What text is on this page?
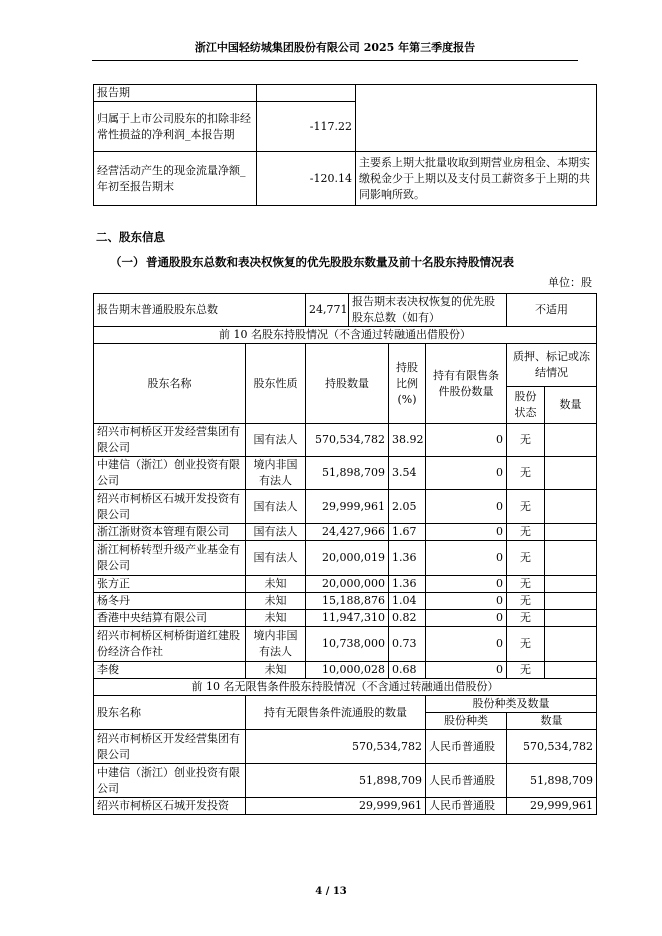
浙江中国轻纺城集团股份有限公司 2025 年第三季度报告
报告期		
归属于上市公司股东的扣除非经常性损益的净利润_本报告期	-117.22	
经营活动产生的现金流量净额_年初至报告期末	-120.14	主要系上期大批量收取到期营业房租金、本期实缴税金少于上期以及支付员工薪资多于上期的共同影响所致。
二、股东信息
（一） 普通股股东总数和表决权恢复的优先股股东数量及前十名股东持股情况表
单位：股
报告期末普通股股东总数		24,771	报告期末表决权恢复的优先股股东总数（如有）			不适用	
前 10 名股东持股情况（不含通过转融通出借股份）							
股东名称	股东性质	持股数量		持股比例(%)	持有有限售条件股份数量	质押、标记或冻结情况	
						股份状态	数量
绍兴市柯桥区开发经营集团有限公司	国有法人	570,534,782		38.92	0	无	
中建信（浙江）创业投资有限公司	境内非国有法人	51,898,709		3.54	0	无	
绍兴市柯桥区石城开发投资有限公司	国有法人	29,999,961		2.05	0	无	
浙江浙财资本管理有限公司	国有法人	24,427,966		1.67	0	无	
浙江柯桥转型升级产业基金有限公司	国有法人	20,000,019		1.36	0	无	
张方正	未知	20,000,000		1.36	0	无	
杨冬丹	未知	15,188,876		1.04	0	无	
香港中央结算有限公司	未知	11,947,310		0.82	0	无	
绍兴市柯桥区柯桥街道红建股份经济合作社	境内非国有法人	10,738,000		0.73	0	无	
李俊	未知	10,000,028		0.68	0	无	
前 10 名无限售条件股东持股情况（不含通过转融通出借股份）							
股东名称	持有无限售条件流通股的数量				股份种类及数量		
					股份种类	数量	
绍兴市柯桥区开发经营集团有限公司	570,534,782				人民币普通股	570,534,782	
中建信（浙江）创业投资有限公司	51,898,709				人民币普通股	51,898,709	
绍兴市柯桥区石城开发投资	29,999,961				人民币普通股	29,999,961	
4 / 13
